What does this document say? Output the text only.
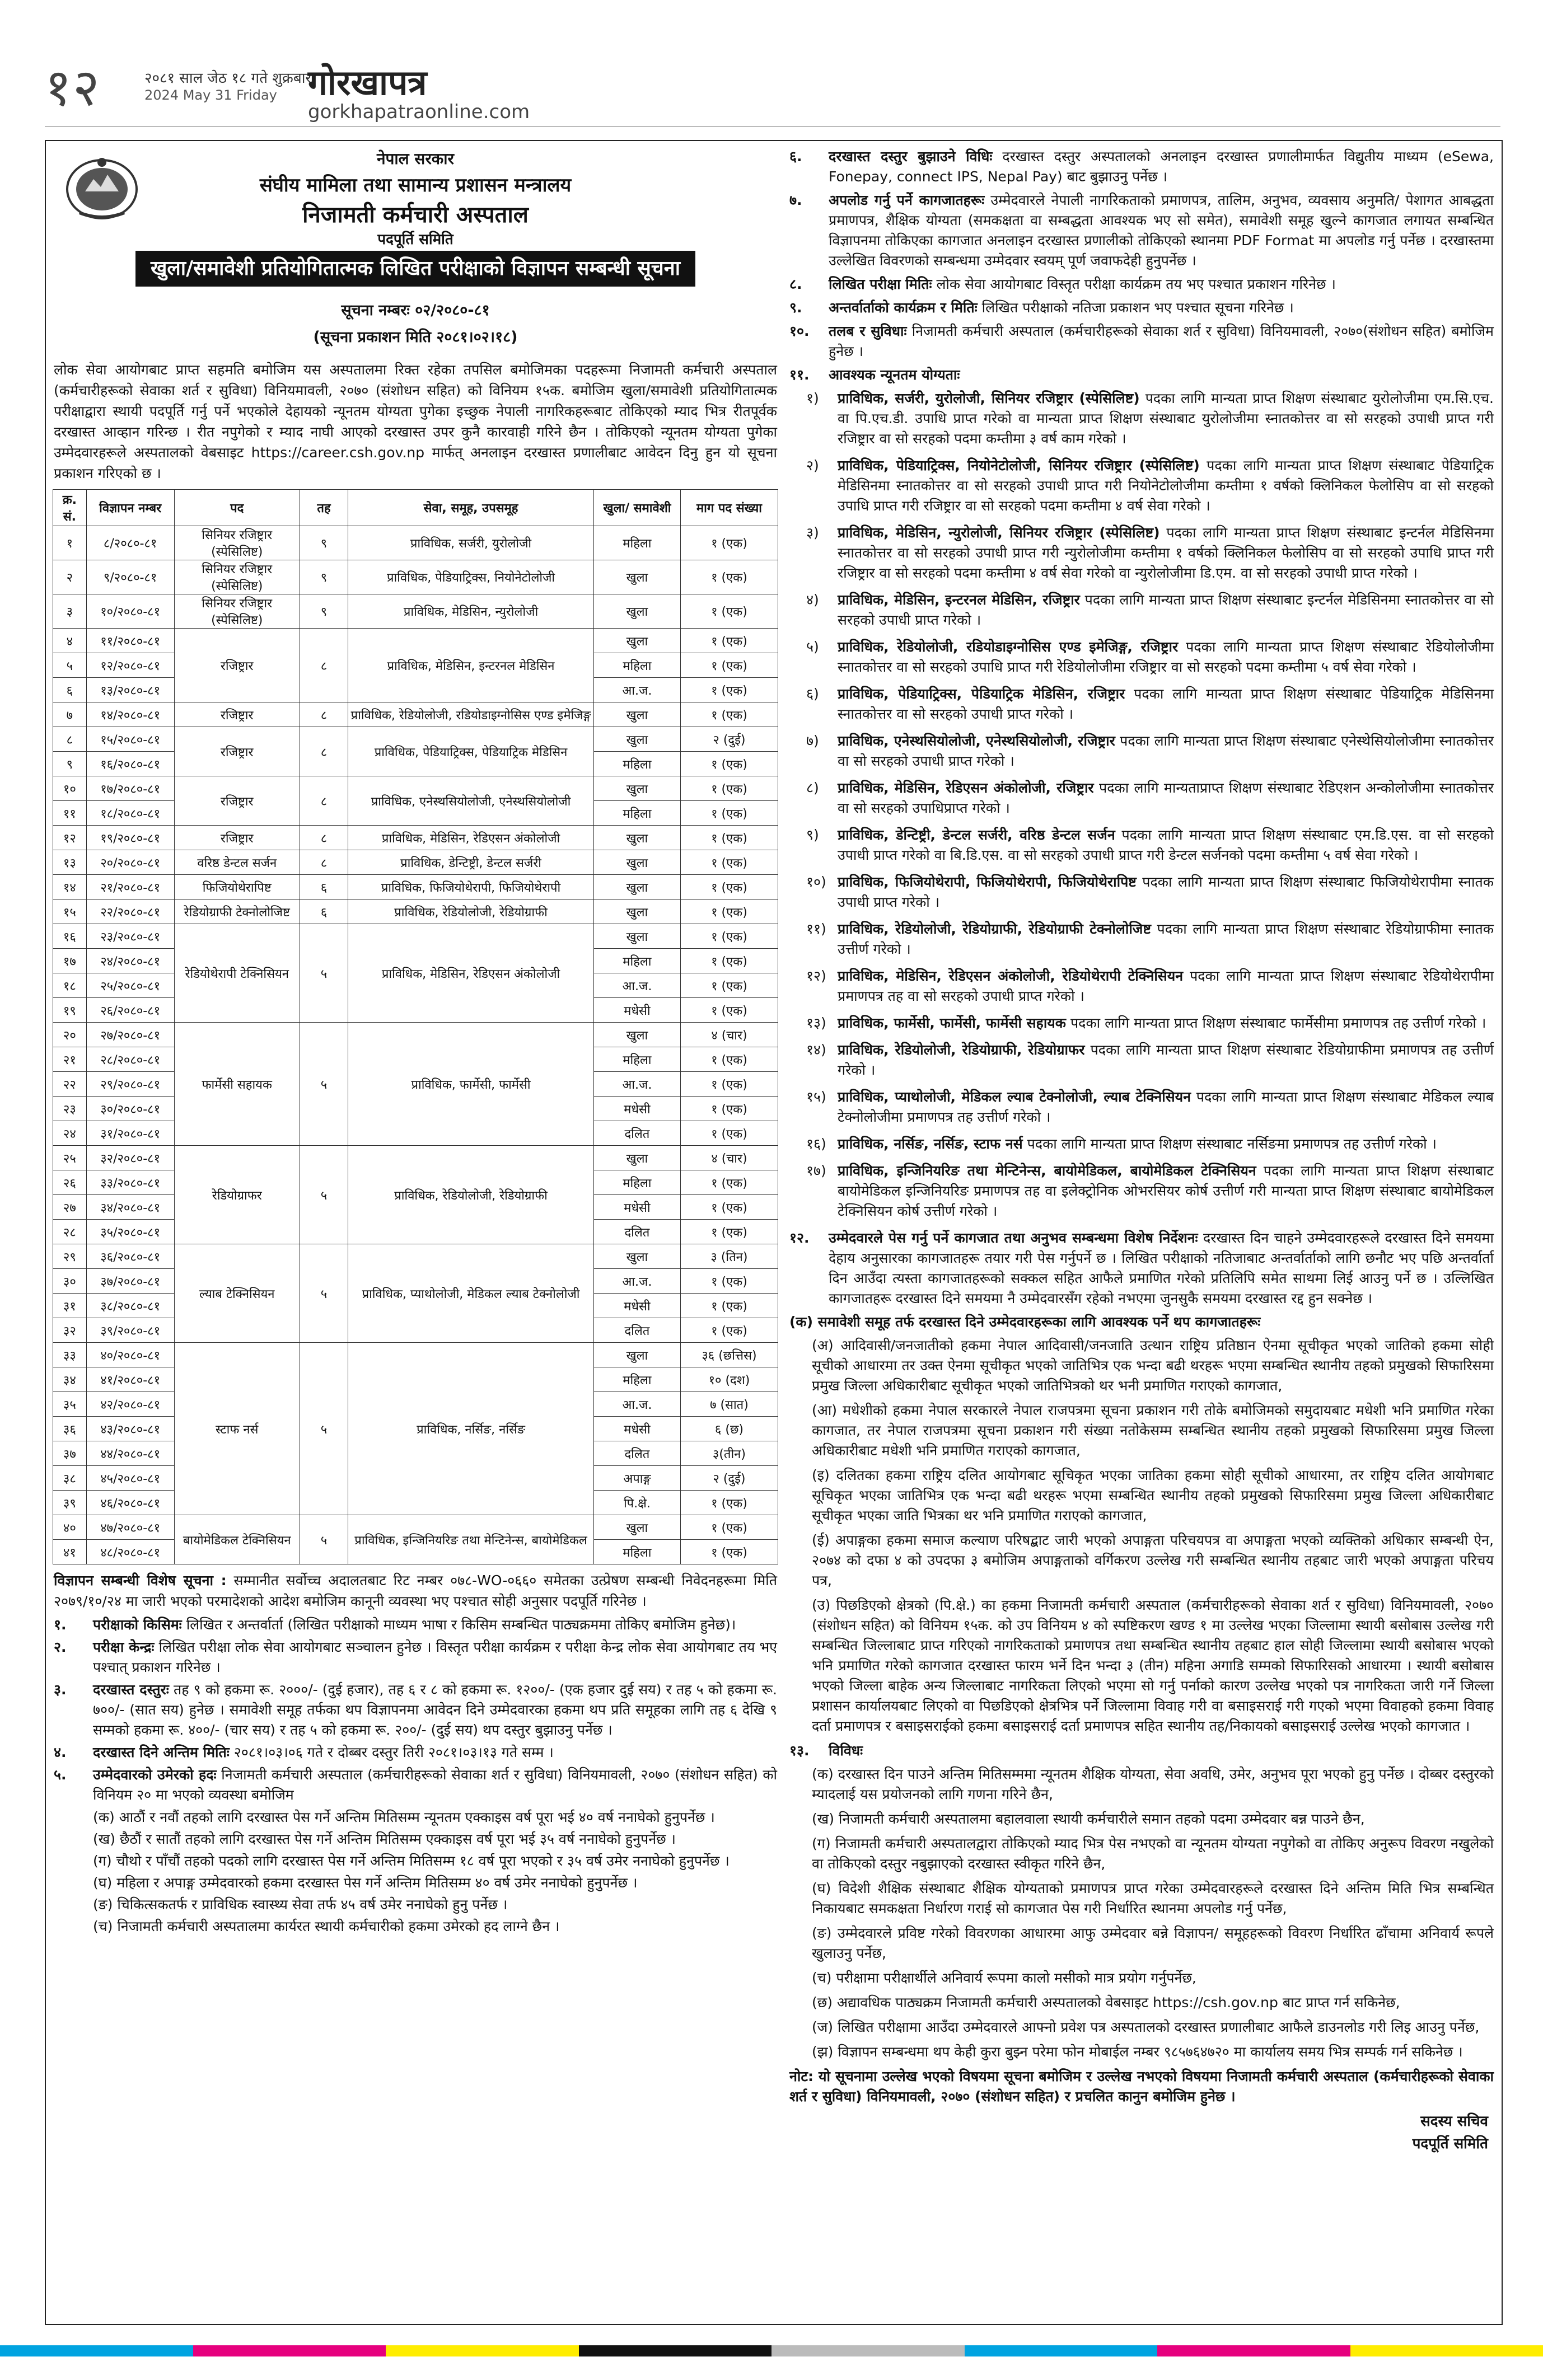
१२	२०८१ साल जेठ १८ गते शुक्रबार
2024 May 31 Friday गोरखापत्र
gorkhapatraonline.com
नेपाल सरकार
संघीय मामिला तथा सामान्य प्रशासन मन्त्रालय
निजामती कर्मचारी अस्पताल
पदपूर्ति समिति
खुला/समावेशी प्रतियोगितात्मक लिखित परीक्षाको विज्ञापन सम्बन्धी सूचना
सूचना नम्बरः ०२/२०८०-८१
(सूचना प्रकाशन मिति २०८१।०२।१८)
लोक सेवा आयोगबाट प्राप्त सहमति बमोजिम यस अस्पतालमा रिक्त रहेका तपसिल बमोजिमका पदहरूमा निजामती कर्मचारी अस्पताल (कर्मचारीहरूको सेवाका शर्त र सुविधा) विनियमावली, २०७० (संशोधन सहित) को विनियम १५क. बमोजिम खुला/समावेशी प्रतियोगितात्मक परीक्षाद्वारा स्थायी पदपूर्ति गर्नु पर्ने भएकोले देहायको न्यूनतम योग्यता पुगेका इच्छुक नेपाली नागरिकहरूबाट तोकिएको म्याद भित्र रीतपूर्वक दरखास्त आव्हान गरिन्छ । रीत नपुगेको र म्याद नाघी आएको दरखास्त उपर कुनै कारवाही गरिने छैन । तोकिएको न्यूनतम योग्यता पुगेका उम्मेदवारहरूले अस्पतालको वेबसाइट https://career.csh.gov.np मार्फत् अनलाइन दरखास्त प्रणालीबाट आवेदन दिनु हुन यो सूचना प्रकाशन गरिएको छ ।
क्र. सं.	विज्ञापन नम्बर	पद	तह	सेवा, समूह, उपसमूह	खुला/ समावेशी	माग पद संख्या
१	८/२०८०-८१	सिनियर रजिष्ट्रार (स्पेसिलिष्ट)	९	प्राविधिक, सर्जरी, युरोलोजी	महिला	१ (एक)
२	९/२०८०-८१	सिनियर रजिष्ट्रार (स्पेसिलिष्ट)	९	प्राविधिक, पेडियाट्रिक्स, नियोनेटोलोजी	खुला	१ (एक)
३	१०/२०८०-८१	सिनियर रजिष्ट्रार (स्पेसिलिष्ट)	९	प्राविधिक, मेडिसिन, न्युरोलोजी	खुला	१ (एक)
४	११/२०८०-८१	रजिष्ट्रार	८	प्राविधिक, मेडिसिन, इन्टरनल मेडिसिन	खुला	१ (एक)
५	१२/२०८०-८१				महिला	१ (एक)
६	१३/२०८०-८१				आ.ज.	१ (एक)
७	१४/२०८०-८१	रजिष्ट्रार	८	प्राविधिक, रेडियोलोजी, रडियोडाइग्नोसिस एण्ड इमेजिङ्ग	खुला	१ (एक)
८	१५/२०८०-८१	रजिष्ट्रार	८	प्राविधिक, पेडियाट्रिक्स, पेडियाट्रिक मेडिसिन	खुला	२ (दुई)
९	१६/२०८०-८१				महिला	१ (एक)
१०	१७/२०८०-८१	रजिष्ट्रार	८	प्राविधिक, एनेस्थसियोलोजी, एनेस्थसियोलोजी	खुला	१ (एक)
११	१८/२०८०-८१				महिला	१ (एक)
१२	१९/२०८०-८१	रजिष्ट्रार	८	प्राविधिक, मेडिसिन, रेडिएसन अंकोलोजी	खुला	१ (एक)
१३	२०/२०८०-८१	वरिष्ठ डेन्टल सर्जन	८	प्राविधिक, डेन्टिष्ट्री, डेन्टल सर्जरी	खुला	१ (एक)
१४	२१/२०८०-८१	फिजियोथेरापिष्ट	६	प्राविधिक, फिजियोथेरापी, फिजियोथेरापी	खुला	१ (एक)
१५	२२/२०८०-८१	रेडियोग्राफी टेक्नोलोजिष्ट	६	प्राविधिक, रेडियोलोजी, रेडियोग्राफी	खुला	१ (एक)
१६	२३/२०८०-८१	रेडियोथेरापी टेक्निसियन	५	प्राविधिक, मेडिसिन, रेडिएसन अंकोलोजी	खुला	१ (एक)
१७	२४/२०८०-८१				महिला	१ (एक)
१८	२५/२०८०-८१				आ.ज.	१ (एक)
१९	२६/२०८०-८१				मधेसी	१ (एक)
२०	२७/२०८०-८१	फार्मेसी सहायक	५	प्राविधिक, फार्मेसी, फार्मेसी	खुला	४ (चार)
२१	२८/२०८०-८१				महिला	१ (एक)
२२	२९/२०८०-८१				आ.ज.	१ (एक)
२३	३०/२०८०-८१				मधेसी	१ (एक)
२४	३१/२०८०-८१				दलित	१ (एक)
२५	३२/२०८०-८१	रेडियोग्राफर	५	प्राविधिक, रेडियोलोजी, रेडियोग्राफी	खुला	४ (चार)
२६	३३/२०८०-८१				महिला	१ (एक)
२७	३४/२०८०-८१				मधेसी	१ (एक)
२८	३५/२०८०-८१				दलित	१ (एक)
२९	३६/२०८०-८१	ल्याब टेक्निसियन	५	प्राविधिक, प्याथोलोजी, मेडिकल ल्याब टेक्नोलोजी	खुला	३ (तिन)
३०	३७/२०८०-८१				आ.ज.	१ (एक)
३१	३८/२०८०-८१				मधेसी	१ (एक)
३२	३९/२०८०-८१				दलित	१ (एक)
३३	४०/२०८०-८१	स्टाफ नर्स	५	प्राविधिक, नर्सिङ, नर्सिङ	खुला	३६ (छत्तिस)
३४	४१/२०८०-८१				महिला	१० (दश)
३५	४२/२०८०-८१				आ.ज.	७ (सात)
३६	४३/२०८०-८१				मधेसी	६ (छ)
३७	४४/२०८०-८१				दलित	३(तीन)
३८	४५/२०८०-८१				अपाङ्ग	२ (दुई)
३९	४६/२०८०-८१				पि.क्षे.	१ (एक)
४०	४७/२०८०-८१	बायोमेडिकल टेक्निसियन	५	प्राविधिक, इन्जिनियरिङ तथा मेन्टिनेन्स, बायोमेडिकल	खुला	१ (एक)
४१	४८/२०८०-८१				महिला	१ (एक)
विज्ञापन सम्बन्धी विशेष सूचना : सम्मानीत सर्वोच्च अदालतबाट रिट नम्बर ०७८-WO-०६६० समेतका उत्प्रेषण सम्बन्धी निवेदनहरूमा मिति २०७९/१०/२४ मा जारी भएको परमादेशको आदेश बमोजिम कानूनी व्यवस्था भए पश्चात सोही अनुसार पदपूर्ति गरिनेछ ।
१.	परीक्षाको किसिमः लिखित र अन्तर्वार्ता (लिखित परीक्षाको माध्यम भाषा र किसिम सम्बन्धित पाठ्यक्रममा तोकिए बमोजिम हुनेछ)।
२.	परीक्षा केन्द्रः लिखित परीक्षा लोक सेवा आयोगबाट सञ्चालन हुनेछ । विस्तृत परीक्षा कार्यक्रम र परीक्षा केन्द्र लोक सेवा आयोगबाट तय भए पश्चात् प्रकाशन गरिनेछ ।
३.	दरखास्त दस्तुरः तह ९ को हकमा रू. २०००/- (दुई हजार), तह ६ र ८ को हकमा रू. १२००/- (एक हजार दुई सय) र तह ५ को हकमा रू. ७००/- (सात सय) हुनेछ । समावेशी समूह तर्फका थप विज्ञापनमा आवेदन दिने उम्मेदवारका हकमा थप प्रति समूहका लागि तह ६ देखि ९ सम्मको हकमा रू. ४००/- (चार सय) र तह ५ को हकमा रू. २००/- (दुई सय) थप दस्तुर बुझाउनु पर्नेछ ।
४.	दरखास्त दिने अन्तिम मितिः २०८१।०३।०६ गते र दोब्बर दस्तुर तिरी २०८१।०३।१३ गते सम्म ।
५.	उम्मेदवारको उमेरको हदः निजामती कर्मचारी अस्पताल (कर्मचारीहरूको सेवाका शर्त र सुविधा) विनियमावली, २०७० (संशोधन सहित) को विनियम २० मा भएको व्यवस्था बमोजिम
(क) आठौं र नवौं तहको लागि दरखास्त पेस गर्ने अन्तिम मितिसम्म न्यूनतम एक्काइस वर्ष पूरा भई ४० वर्ष ननाघेको हुनुपर्नेछ ।
(ख) छैठौं र सातौं तहको लागि दरखास्त पेस गर्ने अन्तिम मितिसम्म एक्काइस वर्ष पूरा भई ३५ वर्ष ननाघेको हुनुपर्नेछ ।
(ग) चौथो र पाँचौं तहको पदको लागि दरखास्त पेस गर्ने अन्तिम मितिसम्म १८ वर्ष पूरा भएको र ३५ वर्ष उमेर ननाघेको हुनुपर्नेछ ।
(घ) महिला र अपाङ्ग उम्मेदवारको हकमा दरखास्त पेस गर्ने अन्तिम मितिसम्म ४० वर्ष उमेर ननाघेको हुनुपर्नेछ ।
(ङ) चिकित्सकतर्फ र प्राविधिक स्वास्थ्य सेवा तर्फ ४५ वर्ष उमेर ननाघेको हुनु पर्नेछ ।
(च) निजामती कर्मचारी अस्पतालमा कार्यरत स्थायी कर्मचारीको हकमा उमेरको हद लाग्ने छैन ।
६.	दरखास्त दस्तुर बुझाउने विधिः दरखास्त दस्तुर अस्पतालको अनलाइन दरखास्त प्रणालीमार्फत विद्युतीय माध्यम (eSewa, Fonepay, connect IPS, Nepal Pay) बाट बुझाउनु पर्नेछ ।
७.	अपलोड गर्नु पर्ने कागजातहरूः उम्मेदवारले नेपाली नागरिकताको प्रमाणपत्र, तालिम, अनुभव, व्यवसाय अनुमति/ पेशागत आबद्धता प्रमाणपत्र, शैक्षिक योग्यता (समकक्षता वा सम्बद्धता आवश्यक भए सो समेत), समावेशी समूह खुल्ने कागजात लगायत सम्बन्धित विज्ञापनमा तोकिएका कागजात अनलाइन दरखास्त प्रणालीको तोकिएको स्थानमा PDF Format मा अपलोड गर्नु पर्नेछ । दरखास्तमा उल्लेखित विवरणको सम्बन्धमा उम्मेदवार स्वयम् पूर्ण जवाफदेही हुनुपर्नेछ ।
८.	लिखित परीक्षा मितिः लोक सेवा आयोगबाट विस्तृत परीक्षा कार्यक्रम तय भए पश्चात प्रकाशन गरिनेछ ।
९.	अन्तर्वार्ताको कार्यक्रम र मितिः लिखित परीक्षाको नतिजा प्रकाशन भए पश्चात सूचना गरिनेछ ।
१०.	तलब र सुविधाः निजामती कर्मचारी अस्पताल (कर्मचारीहरूको सेवाका शर्त र सुविधा) विनियमावली, २०७०(संशोधन सहित) बमोजिम हुनेछ ।
११.	आवश्यक न्यूनतम योग्यताः
१)	प्राविधिक, सर्जरी, युरोलोजी, सिनियर रजिष्ट्रार (स्पेसिलिष्ट) पदका लागि मान्यता प्राप्त शिक्षण संस्थाबाट युरोलोजीमा एम.सि.एच. वा पि.एच.डी. उपाधि प्राप्त गरेको वा मान्यता प्राप्त शिक्षण संस्थाबाट युरोलोजीमा स्नातकोत्तर वा सो सरहको उपाधी प्राप्त गरी रजिष्ट्रार वा सो सरहको पदमा कम्तीमा ३ वर्ष काम गरेको ।
२)	प्राविधिक, पेडियाट्रिक्स, नियोनेटोलोजी, सिनियर रजिष्ट्रार (स्पेसिलिष्ट) पदका लागि मान्यता प्राप्त शिक्षण संस्थाबाट पेडियाट्रिक मेडिसिनमा स्नातकोत्तर वा सो सरहको उपाधी प्राप्त गरी नियोनेटोलोजीमा कम्तीमा १ वर्षको क्लिनिकल फेलोसिप वा सो सरहको उपाधि प्राप्त गरी रजिष्ट्रार वा सो सरहको पदमा कम्तीमा ४ वर्ष सेवा गरेको ।
३)	प्राविधिक, मेडिसिन, न्युरोलोजी, सिनियर रजिष्ट्रार (स्पेसिलिष्ट) पदका लागि मान्यता प्राप्त शिक्षण संस्थाबाट इन्टर्नल मेडिसिनमा स्नातकोत्तर वा सो सरहको उपाधी प्राप्त गरी न्युरोलोजीमा कम्तीमा १ वर्षको क्लिनिकल फेलोसिप वा सो सरहको उपाधि प्राप्त गरी रजिष्ट्रार वा सो सरहको पदमा कम्तीमा ४ वर्ष सेवा गरेको वा न्युरोलोजीमा डि.एम. वा सो सरहको उपाधी प्राप्त गरेको ।
४)	प्राविधिक, मेडिसिन, इन्टरनल मेडिसिन, रजिष्ट्रार पदका लागि मान्यता प्राप्त शिक्षण संस्थाबाट इन्टर्नल मेडिसिनमा स्नातकोत्तर वा सो सरहको उपाधी प्राप्त गरेको ।
५)	प्राविधिक, रेडियोलोजी, रडियोडाइग्नोसिस एण्ड इमेजिङ्ग, रजिष्ट्रार पदका लागि मान्यता प्राप्त शिक्षण संस्थाबाट रेडियोलोजीमा स्नातकोत्तर वा सो सरहको उपाधि प्राप्त गरी रेडियोलोजीमा रजिष्ट्रार वा सो सरहको पदमा कम्तीमा ५ वर्ष सेवा गरेको ।
६)	प्राविधिक, पेडियाट्रिक्स, पेडियाट्रिक मेडिसिन, रजिष्ट्रार पदका लागि मान्यता प्राप्त शिक्षण संस्थाबाट पेडियाट्रिक मेडिसिनमा स्नातकोत्तर वा सो सरहको उपाधी प्राप्त गरेको ।
७)	प्राविधिक, एनेस्थसियोलोजी, एनेस्थसियोलोजी, रजिष्ट्रार पदका लागि मान्यता प्राप्त शिक्षण संस्थाबाट एनेस्थेसियोलोजीमा स्नातकोत्तर वा सो सरहको उपाधी प्राप्त गरेको ।
८)	प्राविधिक, मेडिसिन, रेडिएसन अंकोलोजी, रजिष्ट्रार पदका लागि मान्यताप्राप्त शिक्षण संस्थाबाट रेडिएशन अन्कोलोजीमा स्नातकोत्तर वा सो सरहको उपाधिप्राप्त गरेको ।
९)	प्राविधिक, डेन्टिष्ट्री, डेन्टल सर्जरी, वरिष्ठ डेन्टल सर्जन पदका लागि मान्यता प्राप्त शिक्षण संस्थाबाट एम.डि.एस. वा सो सरहको उपाधी प्राप्त गरेको वा बि.डि.एस. वा सो सरहको उपाधी प्राप्त गरी डेन्टल सर्जनको पदमा कम्तीमा ५ वर्ष सेवा गरेको ।
१०) प्राविधिक, फिजियोथेरापी, फिजियोथेरापी, फिजियोथेरापिष्ट पदका लागि मान्यता प्राप्त शिक्षण संस्थाबाट फिजियोथेरापीमा स्नातक उपाधी प्राप्त गरेको ।
११) प्राविधिक, रेडियोलोजी, रेडियोग्राफी, रेडियोग्राफी टेक्नोलोजिष्ट पदका लागि मान्यता प्राप्त शिक्षण संस्थाबाट रेडियोग्राफीमा स्नातक उत्तीर्ण गरेको ।
१२) प्राविधिक, मेडिसिन, रेडिएसन अंकोलोजी, रेडियोथेरापी टेक्निसियन पदका लागि मान्यता प्राप्त शिक्षण संस्थाबाट रेडियोथेरापीमा प्रमाणपत्र तह वा सो सरहको उपाधी प्राप्त गरेको ।
१३) प्राविधिक, फार्मेसी, फार्मेसी, फार्मेसी सहायक पदका लागि मान्यता प्राप्त शिक्षण संस्थाबाट फार्मेसीमा प्रमाणपत्र तह उत्तीर्ण गरेको ।
१४) प्राविधिक, रेडियोलोजी, रेडियोग्राफी, रेडियोग्राफर पदका लागि मान्यता प्राप्त शिक्षण संस्थाबाट रेडियोग्राफीमा प्रमाणपत्र तह उत्तीर्ण गरेको ।
१५) प्राविधिक, प्याथोलोजी, मेडिकल ल्याब टेक्नोलोजी, ल्याब टेक्निसियन पदका लागि मान्यता प्राप्त शिक्षण संस्थाबाट मेडिकल ल्याब टेक्नोलोजीमा प्रमाणपत्र तह उत्तीर्ण गरेको ।
१६) प्राविधिक, नर्सिङ, नर्सिङ, स्टाफ नर्स पदका लागि मान्यता प्राप्त शिक्षण संस्थाबाट नर्सिङमा प्रमाणपत्र तह उत्तीर्ण गरेको ।
१७) प्राविधिक, इन्जिनियरिङ तथा मेन्टिनेन्स, बायोमेडिकल, बायोमेडिकल टेक्निसियन पदका लागि मान्यता प्राप्त शिक्षण संस्थाबाट बायोमेडिकल इन्जिनियरिङ प्रमाणपत्र तह वा इलेक्ट्रोनिक ओभरसियर कोर्ष उत्तीर्ण गरी मान्यता प्राप्त शिक्षण संस्थाबाट बायोमेडिकल टेक्निसियन कोर्ष उत्तीर्ण गरेको ।
१२.	उम्मेदवारले पेस गर्नु पर्ने कागजात तथा अनुभव सम्बन्धमा विशेष निर्देशनः दरखास्त दिन चाहने उम्मेदवारहरूले दरखास्त दिने समयमा देहाय अनुसारका कागजातहरू तयार गरी पेस गर्नुपर्ने छ । लिखित परीक्षाको नतिजाबाट अन्तर्वार्ताको लागि छनौट भए पछि अन्तर्वार्ता दिन आउँदा त्यस्ता कागजातहरूको सक्कल सहित आफैले प्रमाणित गरेको प्रतिलिपि समेत साथमा लिई आउनु पर्ने छ । उल्लिखित कागजातहरू दरखास्त दिने समयमा नै उम्मेदवारसँग रहेको नभएमा जुनसुकै समयमा दरखास्त रद्द हुन सक्नेछ ।
(क) समावेशी समूह तर्फ दरखास्त दिने उम्मेदवारहरूका लागि आवश्यक पर्ने थप कागजातहरूः
(अ) आदिवासी/जनजातीको हकमा नेपाल आदिवासी/जनजाति उत्थान राष्ट्रिय प्रतिष्ठान ऐनमा सूचीकृत भएको जातिको हकमा सोही सूचीको आधारमा तर उक्त ऐनमा सूचीकृत भएको जातिभित्र एक भन्दा बढी थरहरू भएमा सम्बन्धित स्थानीय तहको प्रमुखको सिफारिसमा प्रमुख जिल्ला अधिकारीबाट सूचीकृत भएको जातिभित्रको थर भनी प्रमाणित गराएको कागजात,
(आ) मधेशीको हकमा नेपाल सरकारले नेपाल राजपत्रमा सूचना प्रकाशन गरी तोके बमोजिमको समुदायबाट मधेशी भनि प्रमाणित गरेका कागजात, तर नेपाल राजपत्रमा सूचना प्रकाशन गरी संख्या नतोकेसम्म सम्बन्धित स्थानीय तहको प्रमुखको सिफारिसमा प्रमुख जिल्ला अधिकारीबाट मधेशी भनि प्रमाणित गराएको कागजात,
(इ) दलितका हकमा राष्ट्रिय दलित आयोगबाट सूचिकृत भएका जातिका हकमा सोही सूचीको आधारमा, तर राष्ट्रिय दलित आयोगबाट सूचिकृत भएका जातिभित्र एक भन्दा बढी थरहरू भएमा सम्बन्धित स्थानीय तहको प्रमुखको सिफारिसमा प्रमुख जिल्ला अधिकारीबाट सूचीकृत भएका जाति भित्रका थर भनि प्रमाणित गराएको कागजात,
(ई) अपाङ्गका हकमा समाज कल्याण परिषद्बाट जारी भएको अपाङ्गता परिचयपत्र वा अपाङ्गता भएको व्यक्तिको अधिकार सम्बन्धी ऐन, २०७४ को दफा ४ को उपदफा ३ बमोजिम अपाङ्गताको वर्गिकरण उल्लेख गरी सम्बन्धित स्थानीय तहबाट जारी भएको अपाङ्गता परिचय पत्र,
(उ) पिछडिएको क्षेत्रको (पि.क्षे.) का हकमा निजामती कर्मचारी अस्पताल (कर्मचारीहरूको सेवाका शर्त र सुविधा) विनियमावली, २०७० (संशोधन सहित) को विनियम १५क. को उप विनियम ४ को स्पष्टिकरण खण्ड १ मा उल्लेख भएका जिल्लामा स्थायी बसोबास उल्लेख गरी सम्बन्धित जिल्लाबाट प्राप्त गरिएको नागरिकताको प्रमाणपत्र तथा सम्बन्धित स्थानीय तहबाट हाल सोही जिल्लामा स्थायी बसोबास भएको भनि प्रमाणित गरेको कागजात दरखास्त फारम भर्ने दिन भन्दा ३ (तीन) महिना अगाडि सम्मको सिफारिसको आधारमा । स्थायी बसोबास भएको जिल्ला बाहेक अन्य जिल्लाबाट नागरिकता लिएको भएमा सो गर्नु पर्नाको कारण उल्लेख भएको पत्र नागरिकता जारी गर्ने जिल्ला प्रशासन कार्यालयबाट लिएको वा पिछडिएको क्षेत्रभित्र पर्ने जिल्लामा विवाह गरी वा बसाइसराई गरी गएको भएमा विवाहको हकमा विवाह दर्ता प्रमाणपत्र र बसाइसराईको हकमा बसाइसराई दर्ता प्रमाणपत्र सहित स्थानीय तह/निकायको बसाइसराई उल्लेख भएको कागजात ।
१३.	विविधः
(क) दरखास्त दिन पाउने अन्तिम मितिसम्ममा न्यूनतम शैक्षिक योग्यता, सेवा अवधि, उमेर, अनुभव पूरा भएको हुनु पर्नेछ । दोब्बर दस्तुरको म्यादलाई यस प्रयोजनको लागि गणना गरिने छैन,
(ख) निजामती कर्मचारी अस्पतालमा बहालवाला स्थायी कर्मचारीले समान तहको पदमा उम्मेदवार बन्न पाउने छैन,
(ग) निजामती कर्मचारी अस्पतालद्वारा तोकिएको म्याद भित्र पेस नभएको वा न्यूनतम योग्यता नपुगेको वा तोकिए अनुरूप विवरण नखुलेको वा तोकिएको दस्तुर नबुझाएको दरखास्त स्वीकृत गरिने छैन,
(घ) विदेशी शैक्षिक संस्थाबाट शैक्षिक योग्यताको प्रमाणपत्र प्राप्त गरेका उम्मेदवारहरूले दरखास्त दिने अन्तिम मिति भित्र सम्बन्धित निकायबाट समकक्षता निर्धारण गराई सो कागजात पेस गरी निर्धारित स्थानमा अपलोड गर्नु पर्नेछ,
(ङ) उम्मेदवारले प्रविष्ट गरेको विवरणका आधारमा आफु उम्मेदवार बन्ने विज्ञापन/ समूहहरूको विवरण निर्धारित ढाँचामा अनिवार्य रूपले खुलाउनु पर्नेछ,
(च) परीक्षामा परीक्षार्थीले अनिवार्य रूपमा कालो मसीको मात्र प्रयोग गर्नुपर्नेछ,
(छ) अद्यावधिक पाठ्यक्रम निजामती कर्मचारी अस्पतालको वेबसाइट https://csh.gov.np बाट प्राप्त गर्न सकिनेछ,
(ज) लिखित परीक्षामा आउँदा उम्मेदवारले आफ्नो प्रवेश पत्र अस्पतालको दरखास्त प्रणालीबाट आफैले डाउनलोड गरी लिइ आउनु पर्नेछ,
(झ) विज्ञापन सम्बन्धमा थप केही कुरा बुझ्न परेमा फोन मोबाईल नम्बर ९८५७६४७२० मा कार्यालय समय भित्र सम्पर्क गर्न सकिनेछ ।
नोट: यो सूचनामा उल्लेख भएको विषयमा सूचना बमोजिम र उल्लेख नभएको विषयमा निजामती कर्मचारी अस्पताल (कर्मचारीहरूको सेवाका शर्त र सुविधा) विनियमावली, २०७० (संशोधन सहित) र प्रचलित कानुन बमोजिम हुनेछ ।
सदस्य सचिव
पदपूर्ति समिति
